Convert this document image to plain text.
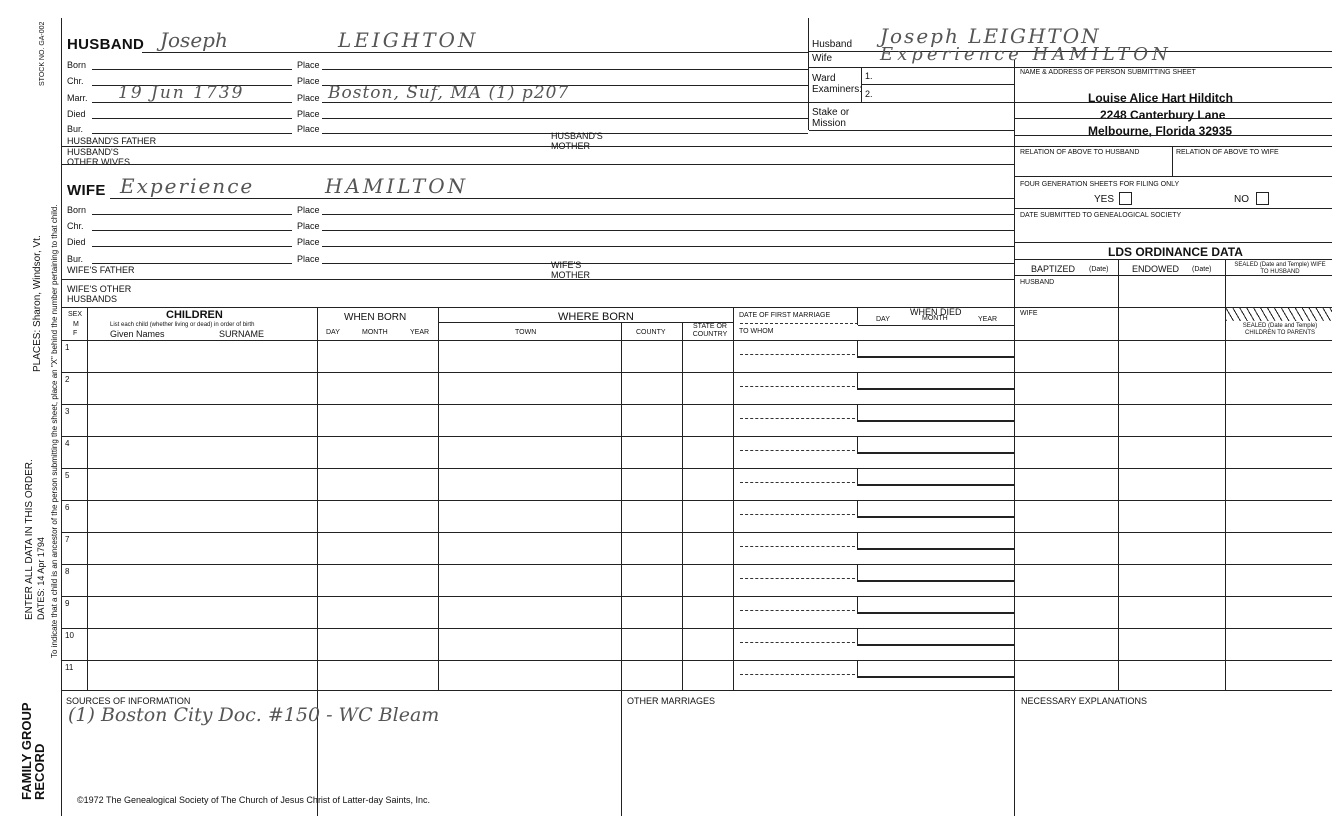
STOCK NO. GA-002
PLACES: Sharon, Windsor, Vt. To indicate that a child is an ancestor of the person submitting the sheet, place an "X" behind the number pertaining to that child.
ENTER ALL DATA IN THIS ORDER. DATES: 14 Apr 1794
FAMILY GROUP RECORD
HUSBAND Joseph	LEIGHTON
Born	Place
Chr.	Place
Marr. 19 Jun 1739	Place Boston, Suf, MA (1) p207
Died	Place
Bur.	Place
HUSBAND'S FATHER	HUSBAND'S MOTHER
HUSBAND'S OTHER WIVES
WIFE Experience	HAMILTON
Born	Place
Chr.	Place
Died	Place
Bur.	Place
WIFE'S FATHER	WIFE'S MOTHER
WIFE'S OTHER HUSBANDS
Husband Joseph LEIGHTON
Wife	Experience HAMILTON
Ward
Examiners:
1.
2.
Stake or Mission
NAME & ADDRESS OF PERSON SUBMITTING SHEET
Louise Alice Hart Hilditch
2248 Canterbury Lane
Melbourne, Florida 32935
RELATION OF ABOVE TO HUSBAND	RELATION OF ABOVE TO WIFE
FOUR GENERATION SHEETS FOR FILING ONLY
YES	NO
DATE SUBMITTED TO GENEALOGICAL SOCIETY
LDS ORDINANCE DATA
BAPTIZED (Date)	ENDOWED (Date)
SEALED (Date and Temple) WIFE TO HUSBAND
HUSBAND
WIFE
SEALED (Date and Temple) CHILDREN TO PARENTS
SEX
M
F
CHILDREN
List each child (whether living or dead) in order of birth
Given Names	SURNAME
WHEN BORN
DAY	MONTH	YEAR
WHERE BORN
TOWN	COUNTY
STATE OR COUNTRY
DATE OF FIRST MARRIAGE
TO WHOM
WHEN DIED
DAY	MONTH	YEAR
1
2
3
4
5
6
7
8
9
10
11
SOURCES OF INFORMATION
(1) Boston City Doc. #150 - WC Bleam
OTHER MARRIAGES	NECESSARY EXPLANATIONS
©1972 The Genealogical Society of The Church of Jesus Christ of Latter-day Saints, Inc.
